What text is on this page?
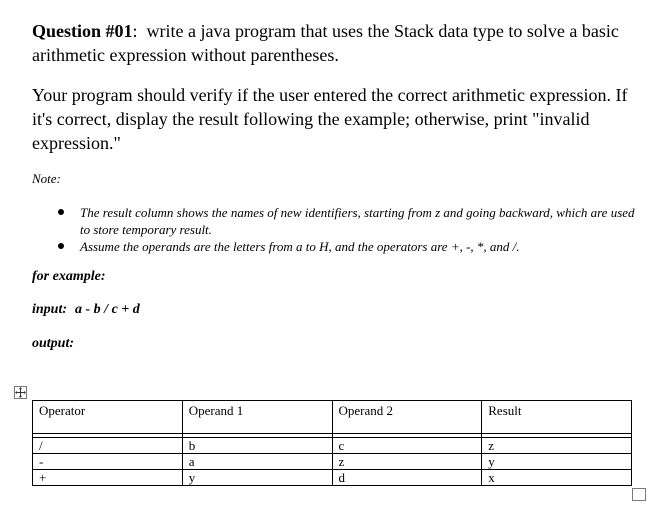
Question #01:  write a java program that uses the Stack data type to solve a basic arithmetic expression without parentheses.
Your program should verify if the user entered the correct arithmetic expression. If it's correct, display the result following the example; otherwise, print "invalid expression."
Note:
The result column shows the names of new identifiers, starting from z and going backward, which are used to store temporary result.
Assume the operands are the letters from a to H, and the operators are +, -, *, and /.
for example:
input: a - b / c + d
output:
Operator	Operand 1	Operand 2	Result

/	b	c	z
-	a	z	y
+	y	d	x
